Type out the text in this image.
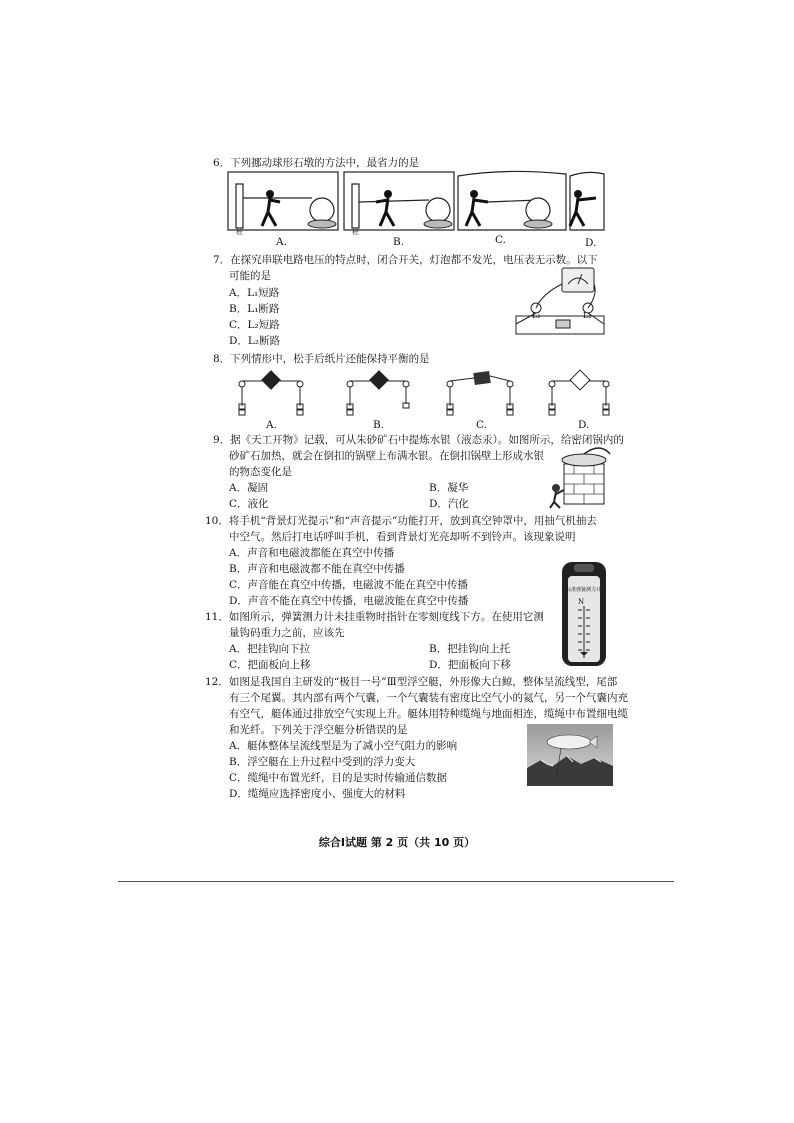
6．下列挪动球形石墩的方法中，最省力的是
桩	桩
A.	B.	C.	D.
7．在探究串联电路电压的特点时，闭合开关，灯泡都不发光，电压表无示数。以下
可能的是
A．L₁短路
B．L₁断路
C．L₂短路
D．L₂断路
L₁	L₂
8．下列情形中，松手后纸片还能保持平衡的是
A.	B.	C.	D.
9．据《天工开物》记载，可从朱砂矿石中提炼水银（液态汞）。如图所示，给密闭锅内的
砂矿石加热，就会在倒扣的锅壁上布满水银。在倒扣锅壁上形成水银
的物态变化是
A．凝固	B．凝华
C．液化	D．汽化
10．将手机“背景灯光提示”和“声音提示”功能打开，放到真空钟罩中，用抽气机抽去
中空气。然后打电话呼叫手机，看到背景灯光亮却听不到铃声。该现象说明
A．声音和电磁波都能在真空中传播
B．声音和电磁波都不能在真空中传播
C．声音能在真空中传播，电磁波不能在真空中传播
D．声音不能在真空中传播，电磁波能在真空中传播
标准弹簧测力计
N
11．如图所示，弹簧测力计未挂重物时指针在零刻度线下方。在使用它测
量钩码重力之前，应该先
A．把挂钩向下拉	B．把挂钩向上托
C．把面板向上移	D．把面板向下移
12．如图是我国自主研发的“极目一号”Ⅲ型浮空艇，外形像大白鲸，整体呈流线型，尾部
有三个尾翼。其内部有两个气囊，一个气囊装有密度比空气小的氦气，另一个气囊内充
有空气，艇体通过排放空气实现上升。艇体用特种缆绳与地面相连，缆绳中布置细电缆
和光纤。下列关于浮空艇分析错误的是
A．艇体整体呈流线型是为了减小空气阻力的影响
B．浮空艇在上升过程中受到的浮力变大
C．缆绳中布置光纤，目的是实时传输通信数据
D．缆绳应选择密度小、强度大的材料
综合Ⅰ试题 第 2 页（共 10 页）
